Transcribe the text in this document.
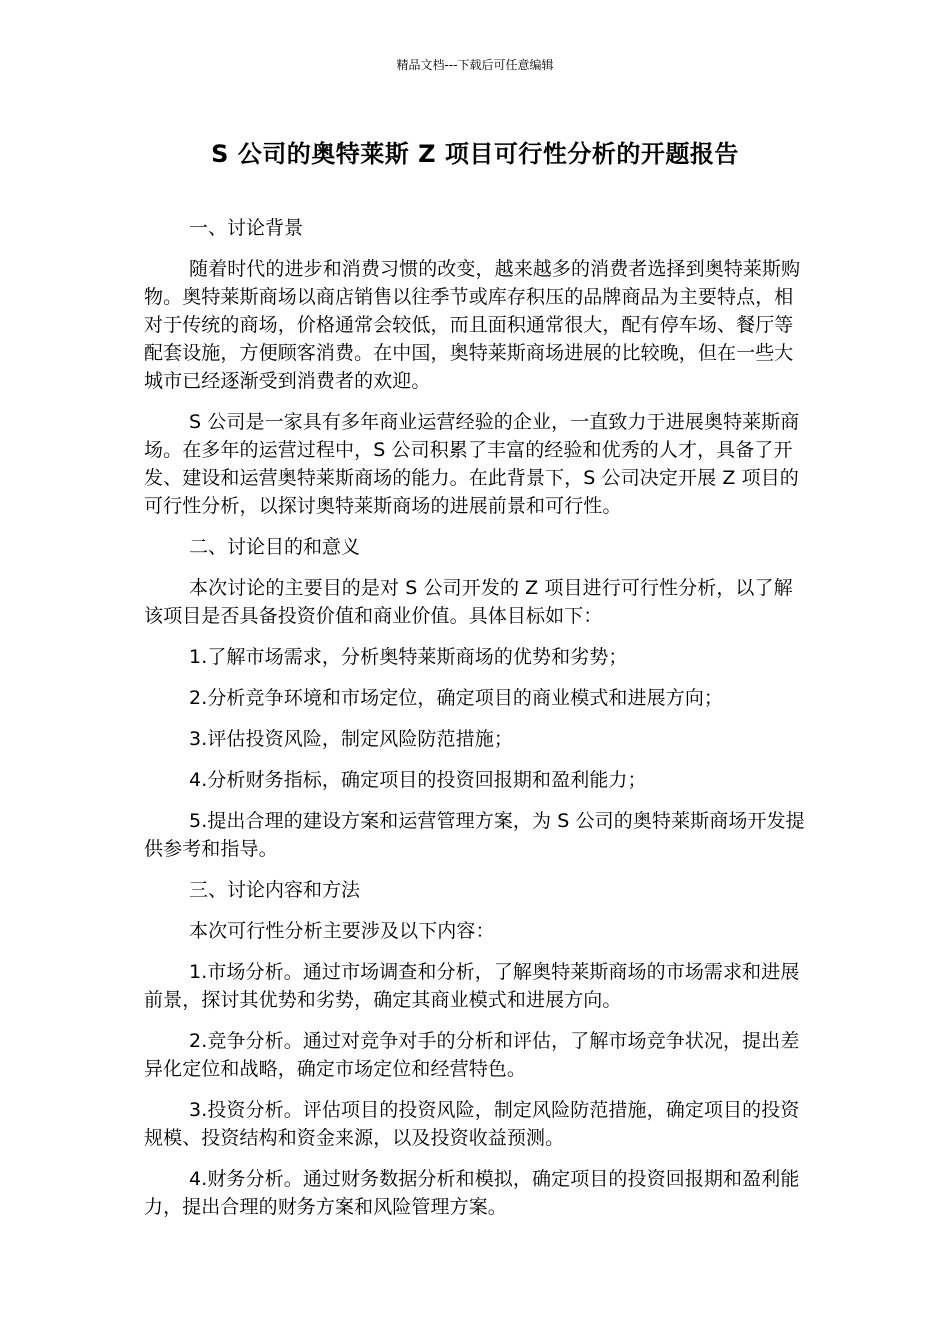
精品文档---下载后可任意编辑
S 公司的奥特莱斯 Z 项目可行性分析的开题报告

一、讨论背景

随着时代的进步和消费习惯的改变，越来越多的消费者选择到奥特莱斯购物。奥特莱斯商场以商店销售以往季节或库存积压的品牌商品为主要特点，相对于传统的商场，价格通常会较低，而且面积通常很大，配有停车场、餐厅等配套设施，方便顾客消费。在中国，奥特莱斯商场进展的比较晚，但在一些大城市已经逐渐受到消费者的欢迎。

S 公司是一家具有多年商业运营经验的企业，一直致力于进展奥特莱斯商场。在多年的运营过程中，S 公司积累了丰富的经验和优秀的人才，具备了开发、建设和运营奥特莱斯商场的能力。在此背景下，S 公司决定开展 Z 项目的可行性分析，以探讨奥特莱斯商场的进展前景和可行性。

二、讨论目的和意义

本次讨论的主要目的是对 S 公司开发的 Z 项目进行可行性分析，以了解该项目是否具备投资价值和商业价值。具体目标如下：

1.了解市场需求，分析奥特莱斯商场的优势和劣势；

2.分析竞争环境和市场定位，确定项目的商业模式和进展方向；

3.评估投资风险，制定风险防范措施；

4.分析财务指标，确定项目的投资回报期和盈利能力；

5.提出合理的建设方案和运营管理方案，为 S 公司的奥特莱斯商场开发提供参考和指导。

三、讨论内容和方法

本次可行性分析主要涉及以下内容：

1.市场分析。通过市场调查和分析，了解奥特莱斯商场的市场需求和进展前景，探讨其优势和劣势，确定其商业模式和进展方向。

2.竞争分析。通过对竞争对手的分析和评估，了解市场竞争状况，提出差异化定位和战略，确定市场定位和经营特色。

3.投资分析。评估项目的投资风险，制定风险防范措施，确定项目的投资规模、投资结构和资金来源，以及投资收益预测。

4.财务分析。通过财务数据分析和模拟，确定项目的投资回报期和盈利能力，提出合理的财务方案和风险管理方案。
